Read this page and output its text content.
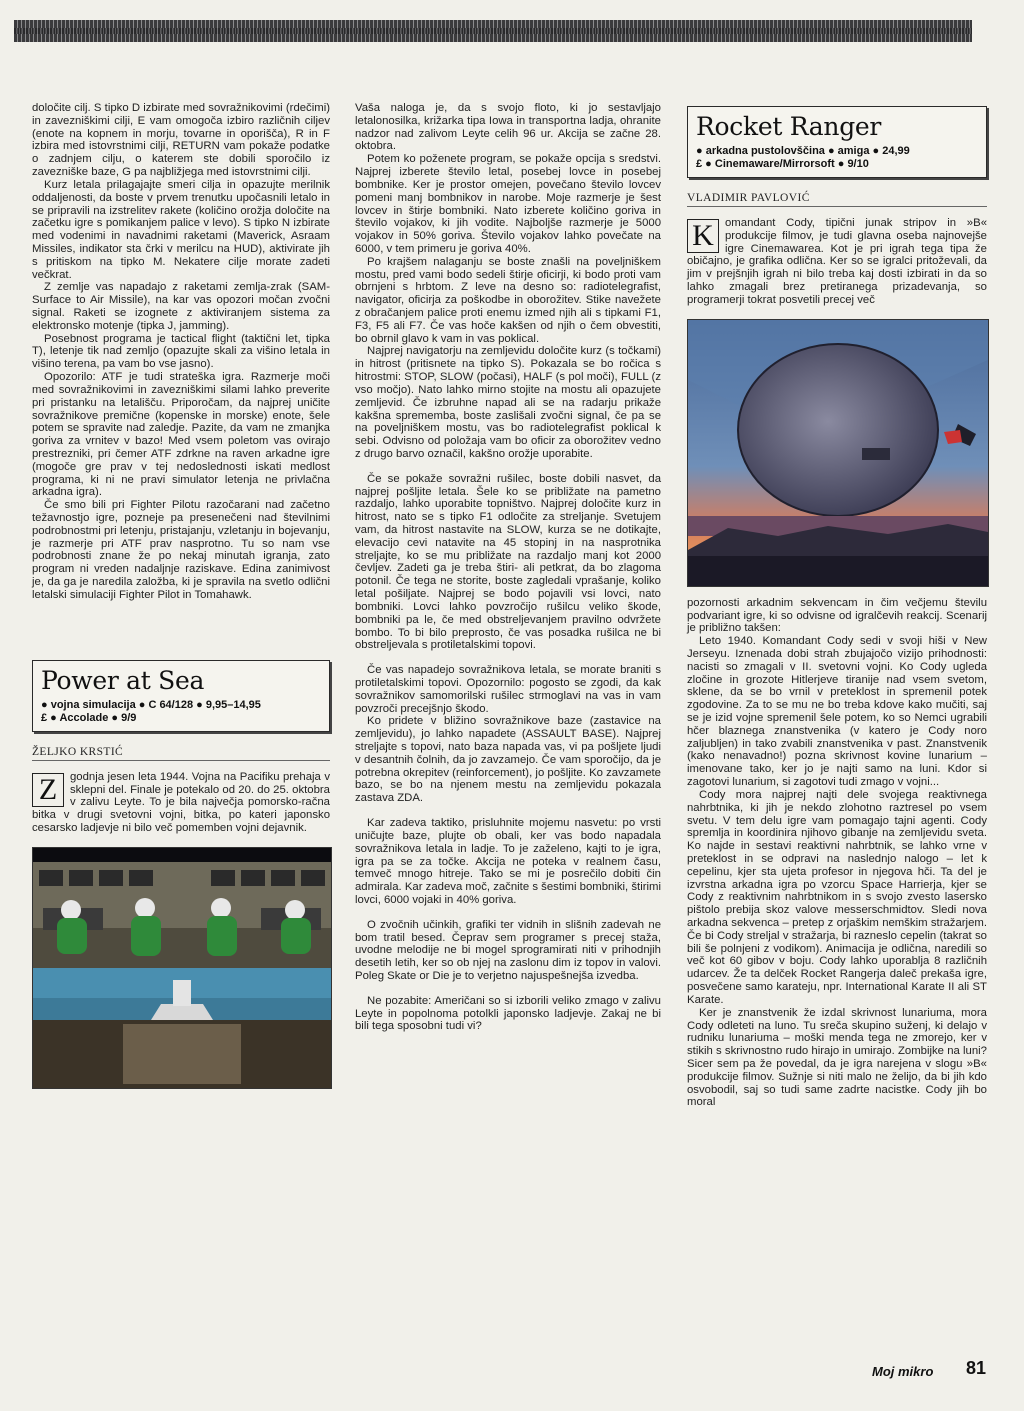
določite cilj. S tipko D izbirate med sovražnikovimi (rdečimi) in zavezniškimi cilji, E vam omogoča izbiro različnih ciljev (enote na kopnem in morju, tovarne in oporišča), R in F izbira med istovrstnimi cilji, RETURN vam pokaže podatke o zadnjem cilju, o katerem ste dobili sporočilo iz zavezniške baze, G pa najbližjega med istovrstnimi cilji.

Kurz letala prilagajajte smeri cilja in opazujte merilnik oddaljenosti, da boste v prvem trenutku upočasnili letalo in se pripravili na izstrelitev rakete (količino orožja določite na začetku igre s pomikanjem palice v levo). S tipko N izbirate med vodenimi in navadnimi raketami (Maverick, Asraam Missiles, indikator sta črki v merilcu na HUD), aktivirate jih s pritiskom na tipko M. Nekatere cilje morate zadeti večkrat.

Z zemlje vas napadajo z raketami zemlja-zrak (SAM-Surface to Air Missile), na kar vas opozori močan zvočni signal. Raketi se izognete z aktiviranjem sistema za elektronsko motenje (tipka J, jamming).

Posebnost programa je tactical flight (taktični let, tipka T), letenje tik nad zemljo (opazujte skali za višino letala in višino terena, pa vam bo vse jasno).

Opozorilo: ATF je tudi strateška igra. Razmerje moči med sovražnikovimi in zavezniškimi silami lahko preverite pri pristanku na letališču. Priporočam, da najprej uničite sovražnikove premične (kopenske in morske) enote, šele potem se spravite nad zaledje. Pazite, da vam ne zmanjka goriva za vrnitev v bazo! Med vsem poletom vas ovirajo prestrezniki, pri čemer ATF zdrkne na raven arkadne igre (mogoče gre prav v tej nedoslednosti iskati medlost programa, ki ni ne pravi simulator letenja ne privlačna arkadna igra).

Če smo bili pri Fighter Pilotu razočarani nad začetno težavnostjo igre, pozneje pa presenečeni nad številnimi podrobnostmi pri letenju, pristajanju, vzletanju in bojevanju, je razmerje pri ATF prav nasprotno. Tu so nam vse podrobnosti znane že po nekaj minutah igranja, zato program ni vreden nadaljnje raziskave. Edina zanimivost je, da ga je naredila založba, ki je spravila na svetlo odlični letalski simulaciji Fighter Pilot in Tomahawk.

Power at Sea
● vojna simulacija ● C 64/128 ● 9,95–14,95
£ ● Accolade ● 9/9
ŽELJKO KRSTIĆ
Z	godnja jesen leta 1944. Vojna na Pacifiku prehaja v sklepni del. Finale je potekalo od 20. do 25. oktobra v zalivu Leyte. To je bila največja pomorsko-račna bitka v drugi svetovni vojni, bitka, po kateri japonsko cesarsko ladjevje ni bilo več pomemben vojni dejavnik.

Vaša naloga je, da s svojo floto, ki jo sestavljajo letalonosilka, križarka tipa Iowa in transportna ladja, ohranite nadzor nad zalivom Leyte celih 96 ur. Akcija se začne 28. oktobra.

Potem ko poženete program, se pokaže opcija s sredstvi. Najprej izberete število letal, posebej lovce in posebej bombnike. Ker je prostor omejen, povečano število lovcev pomeni manj bombnikov in narobe. Moje razmerje je šest lovcev in štirje bombniki. Nato izberete količino goriva in število vojakov, ki jih vodite. Najboljše razmerje je 5000 vojakov in 50% goriva. Število vojakov lahko povečate na 6000, v tem primeru je goriva 40%.

Po krajšem nalaganju se boste znašli na poveljniškem mostu, pred vami bodo sedeli štirje oficirji, ki bodo proti vam obrnjeni s hrbtom. Z leve na desno so: radiotelegrafist, navigator, oficirja za poškodbe in oborožitev. Stike navežete z obračanjem palice proti enemu izmed njih ali s tipkami F1, F3, F5 ali F7. Če vas hoče kakšen od njih o čem obvestiti, bo obrnil glavo k vam in vas poklical.

Najprej navigatorju na zemljevidu določite kurz (s točkami) in hitrost (pritisnete na tipko S). Pokazala se bo ročica s hitrostmi: STOP, SLOW (počasi), HALF (s pol moči), FULL (z vso močjo). Nato lahko mirno stojite na mostu ali opazujete zemljevid. Če izbruhne napad ali se na radarju prikaže kakšna sprememba, boste zaslišali zvočni signal, če pa se na poveljniškem mostu, vas bo radiotelegrafist poklical k sebi. Odvisno od položaja vam bo oficir za oborožitev vedno z drugo barvo označil, kakšno orožje uporabite.

Če se pokaže sovražni rušilec, boste dobili nasvet, da najprej pošljite letala. Šele ko se približate na pametno razdaljo, lahko uporabite topništvo. Najprej določite kurz in hitrost, nato se s tipko F1 odločite za streljanje. Svetujem vam, da hitrost nastavite na SLOW, kurza se ne dotikajte, elevacijo cevi natavite na 45 stopinj in na nasprotnika streljajte, ko se mu približate na razdaljo manj kot 2000 čevljev. Zadeti ga je treba štiri- ali petkrat, da bo zlagoma potonil. Če tega ne storite, boste zagledali vprašanje, koliko letal pošiljate. Najprej se bodo pojavili vsi lovci, nato bombniki. Lovci lahko povzročijo rušilcu veliko škode, bombniki pa le, če med obstreljevanjem pravilno odvržete bombo. To bi bilo preprosto, če vas posadka rušilca ne bi obstreljevala s protiletalskimi topovi.

Če vas napadejo sovražnikova letala, se morate braniti s protiletalskimi topovi. Opozornilo: pogosto se zgodi, da kak sovražnikov samomorilski rušilec strmoglavi na vas in vam povzroči precejšnjo škodo.

Ko pridete v bližino sovražnikove baze (zastavice na zemljevidu), jo lahko napadete (ASSAULT BASE). Najprej streljajte s topovi, nato baza napada vas, vi pa pošljete ljudi v desantnih čolnih, da jo zavzamejo. Če vam sporočijo, da je potrebna okrepitev (reinforcement), jo pošljite. Ko zavzamete bazo, se bo na njenem mestu na zemljevidu pokazala zastava ZDA.

Kar zadeva taktiko, prisluhnite mojemu nasvetu: po vrsti uničujte baze, plujte ob obali, ker vas bodo napadala sovražnikova letala in ladje. To je zaželeno, kajti to je igra, igra pa se za točke. Akcija ne poteka v realnem času, temveč mnogo hitreje. Tako se mi je posrečilo dobiti čin admirala. Kar zadeva moč, začnite s šestimi bombniki, štirimi lovci, 6000 vojaki in 40% goriva.

O zvočnih učinkih, grafiki ter vidnih in slišnih zadevah ne bom tratil besed. Čeprav sem programer s precej staža, uvodne melodije ne bi mogel sprogramirati niti v prihodnjih desetih letih, ker so ob njej na zaslonu dim iz topov in valovi. Poleg Skate or Die je to verjetno najuspešnejša izvedba.

Ne pozabite: Američani so si izborili veliko zmago v zalivu Leyte in popolnoma potolkli japonsko ladjevje. Zakaj ne bi bili tega sposobni tudi vi?

Rocket Ranger
● arkadna pustolovščina ● amiga ● 24,99
£ ● Cinemaware/Mirrorsoft ● 9/10
VLADIMIR PAVLOVIĆ
K omandant Cody, tipični junak stripov in »B« produkcije filmov, je tudi glavna oseba najnovejše igre Cinemawarea. Kot je pri igrah tega tipa že običajno, je grafika odlična. Ker so se igralci pritoževali, da jim v prejšnjih igrah ni bilo treba kaj dosti izbirati in da so lahko zmagali brez pretiranega prizadevanja, so programerji tokrat posvetili precej več

pozornosti arkadnim sekvencam in čim večjemu številu podvariant igre, ki so odvisne od igralčevih reakcij. Scenarij je približno takšen:

Leto 1940. Komandant Cody sedi v svoji hiši v New Jerseyu. Iznenada dobi strah zbujajočo vizijo prihodnosti: nacisti so zmagali v II. svetovni vojni. Ko Cody ugleda zločine in grozote Hitlerjeve tiranije nad vsem svetom, sklene, da se bo vrnil v preteklost in spremenil potek zgodovine. Za to se mu ne bo treba kdove kako mučiti, saj se je izid vojne spremenil šele potem, ko so Nemci ugrabili hčer blaznega znanstvenika (v katero je Cody noro zaljubljen) in tako zvabili znanstvenika v past. Znanstvenik (kako nenavadno!) pozna skrivnost kovine lunarium – imenovane tako, ker jo je najti samo na luni. Kdor si zagotovi lunarium, si zagotovi tudi zmago v vojni...

Cody mora najprej najti dele svojega reaktivnega nahrbtnika, ki jih je nekdo zlohotno raztresel po vsem svetu. V tem delu igre vam pomagajo tajni agenti. Cody spremlja in koordinira njihovo gibanje na zemljevidu sveta. Ko najde in sestavi reaktivni nahrbtnik, se lahko vrne v preteklost in se odpravi na naslednjo nalogo – let k cepelinu, kjer sta ujeta profesor in njegova hči. Ta del je izvrstna arkadna igra po vzorcu Space Harrierja, kjer se Cody z reaktivnim nahrbtnikom in s svojo zvesto lasersko pištolo prebija skoz valove messerschmidtov. Sledi nova arkadna sekvenca – pretep z orjaškim nemškim stražarjem. Če bi Cody streljal v stražarja, bi razneslo cepelin (takrat so bili še polnjeni z vodikom). Animacija je odlična, naredili so več kot 60 gibov v boju. Cody lahko uporablja 8 različnih udarcev. Že ta delček Rocket Rangerja daleč prekaša igre, posvečene samo karateju, npr. International Karate II ali ST Karate.

Ker je znanstvenik že izdal skrivnost lunariuma, mora Cody odleteti na luno. Tu sreča skupino suženj, ki delajo v rudniku lunariuma – moški menda tega ne zmorejo, ker v stikih s skrivnostno rudo hirajo in umirajo. Zombijke na luni? Sicer sem pa že povedal, da je igra narejena v slogu »B« produkcije filmov. Sužnje si niti malo ne želijo, da bi jih kdo osvobodil, saj so tudi same zadrte nacistke. Cody jih bo moral

Moj mikro 81
